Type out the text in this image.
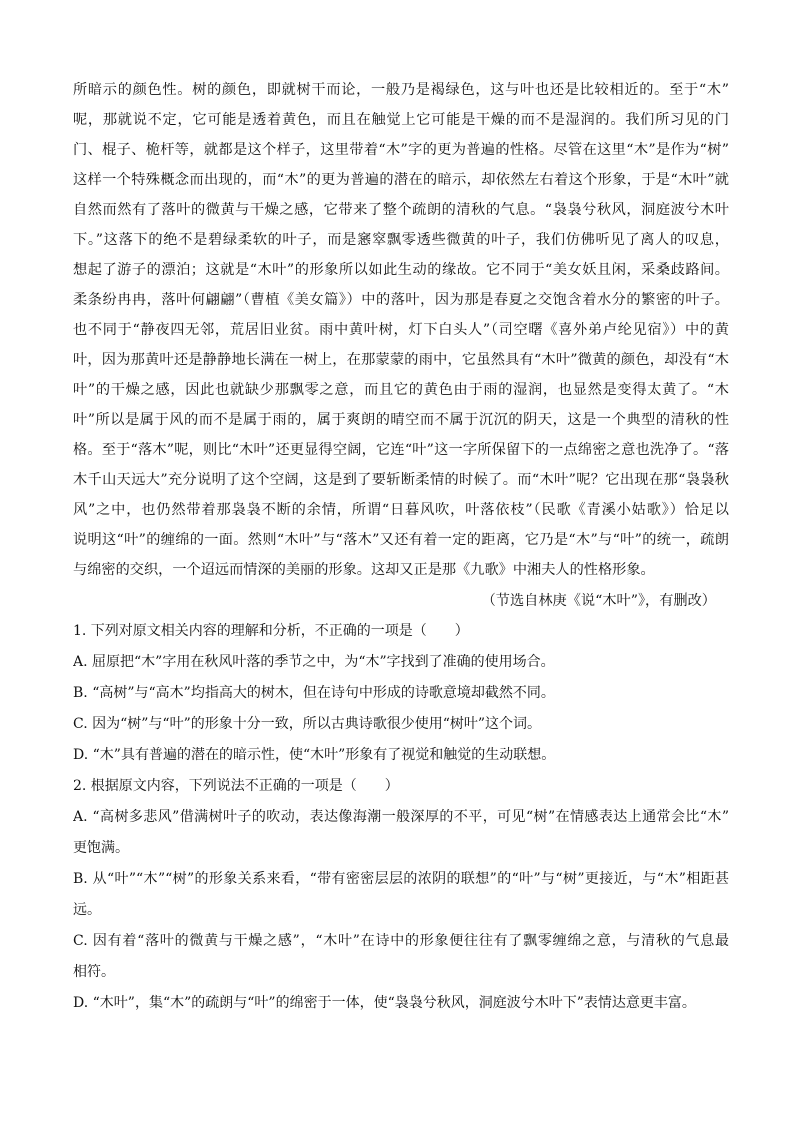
所暗示的颜色性。树的颜色，即就树干而论，一般乃是褐绿色，这与叶也还是比较相近的。至于“木”
呢，那就说不定，它可能是透着黄色，而且在触觉上它可能是干燥的而不是湿润的。我们所习见的门
门、棍子、桅杆等，就都是这个样子，这里带着“木”字的更为普遍的性格。尽管在这里“木”是作为“树”
这样一个特殊概念而出现的，而“木”的更为普遍的潜在的暗示，却依然左右着这个形象，于是“木叶”就
自然而然有了落叶的微黄与干燥之感，它带来了整个疏朗的清秋的气息。“袅袅兮秋风，洞庭波兮木叶
下。”这落下的绝不是碧绿柔软的叶子，而是窸窣飘零透些微黄的叶子，我们仿佛听见了离人的叹息，
想起了游子的漂泊；这就是“木叶”的形象所以如此生动的缘故。它不同于“美女妖且闲，采桑歧路间。
柔条纷冉冉，落叶何翩翩”（曹植《美女篇》）中的落叶，因为那是春夏之交饱含着水分的繁密的叶子。
也不同于“静夜四无邻，荒居旧业贫。雨中黄叶树，灯下白头人”（司空曙《喜外弟卢纶见宿》）中的黄
叶，因为那黄叶还是静静地长满在一树上，在那蒙蒙的雨中，它虽然具有“木叶”微黄的颜色，却没有“木
叶”的干燥之感，因此也就缺少那飘零之意，而且它的黄色由于雨的湿润，也显然是变得太黄了。“木
叶”所以是属于风的而不是属于雨的，属于爽朗的晴空而不属于沉沉的阴天，这是一个典型的清秋的性
格。至于“落木”呢，则比“木叶”还更显得空阔，它连“叶”这一字所保留下的一点绵密之意也洗净了。“落
木千山天远大”充分说明了这个空阔，这是到了要斩断柔情的时候了。而“木叶”呢？它出现在那“袅袅秋
风”之中，也仍然带着那袅袅不断的余情，所谓“日暮风吹，叶落依枝”（民歌《青溪小姑歌》）恰足以
说明这“叶”的缠绵的一面。然则“木叶”与“落木”又还有着一定的距离，它乃是“木”与“叶”的统一，疏朗
与绵密的交织，一个迢远而情深的美丽的形象。这却又正是那《九歌》中湘夫人的性格形象。
（节选自林庚《说“木叶”》，有删改）
1. 下列对原文相关内容的理解和分析，不正确的一项是（　　）
A. 屈原把“木”字用在秋风叶落的季节之中，为“木”字找到了准确的使用场合。
B. “高树”与“高木”均指高大的树木，但在诗句中形成的诗歌意境却截然不同。
C. 因为“树”与“叶”的形象十分一致，所以古典诗歌很少使用“树叶”这个词。
D. “木”具有普遍的潜在的暗示性，使“木叶”形象有了视觉和触觉的生动联想。
2. 根据原文内容，下列说法不正确的一项是（　　）
A. “高树多悲风”借满树叶子的吹动，表达像海潮一般深厚的不平，可见“树”在情感表达上通常会比“木”
更饱满。
B. 从“叶”“木”“树”的形象关系来看，“带有密密层层的浓阴的联想”的“叶”与“树”更接近，与“木”相距甚
远。
C. 因有着“落叶的微黄与干燥之感”，“木叶”在诗中的形象便往往有了飘零缠绵之意，与清秋的气息最
相符。
D. “木叶”，集“木”的疏朗与“叶”的绵密于一体，使“袅袅兮秋风，洞庭波兮木叶下”表情达意更丰富。
